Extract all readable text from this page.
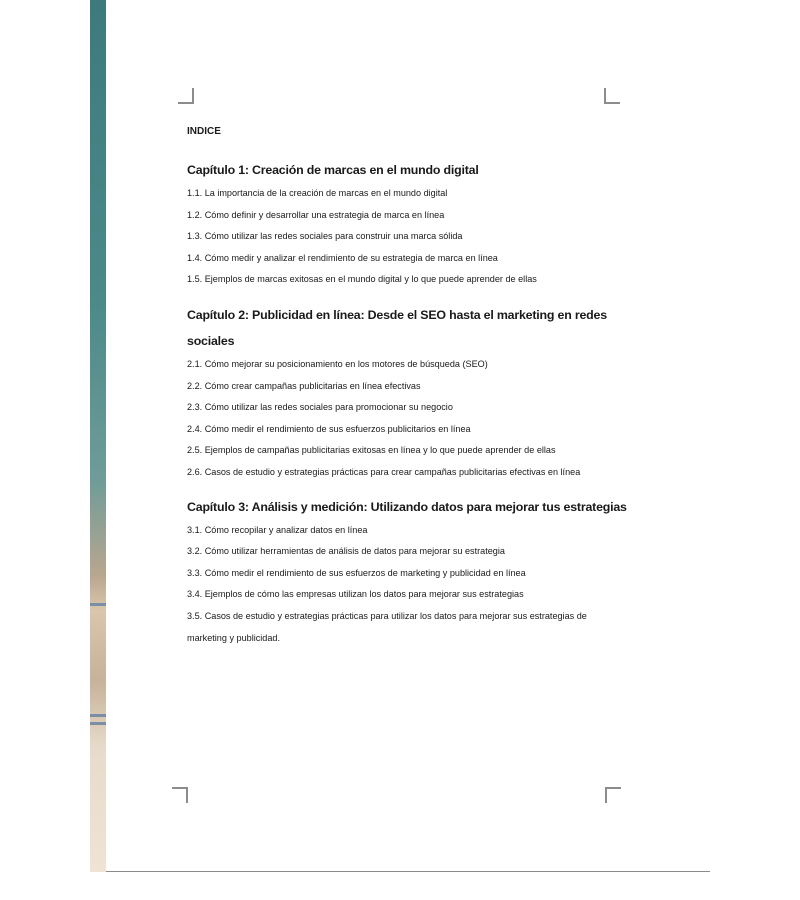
INDICE
Capítulo 1: Creación de marcas en el mundo digital
1.1. La importancia de la creación de marcas en el mundo digital
1.2. Cómo definir y desarrollar una estrategia de marca en línea
1.3. Cómo utilizar las redes sociales para construir una marca sólida
1.4. Cómo medir y analizar el rendimiento de su estrategia de marca en línea
1.5. Ejemplos de marcas exitosas en el mundo digital y lo que puede aprender de ellas
Capítulo 2: Publicidad en línea: Desde el SEO hasta el marketing en redes sociales
2.1. Cómo mejorar su posicionamiento en los motores de búsqueda (SEO)
2.2. Cómo crear campañas publicitarias en línea efectivas
2.3. Cómo utilizar las redes sociales para promocionar su negocio
2.4. Cómo medir el rendimiento de sus esfuerzos publicitarios en línea
2.5. Ejemplos de campañas publicitarias exitosas en línea y lo que puede aprender de ellas
2.6. Casos de estudio y estrategias prácticas para crear campañas publicitarias efectivas en línea
Capítulo 3: Análisis y medición: Utilizando datos para mejorar tus estrategias
3.1. Cómo recopilar y analizar datos en línea
3.2. Cómo utilizar herramientas de análisis de datos para mejorar su estrategia
3.3. Cómo medir el rendimiento de sus esfuerzos de marketing y publicidad en línea
3.4. Ejemplos de cómo las empresas utilizan los datos para mejorar sus estrategias
3.5. Casos de estudio y estrategias prácticas para utilizar los datos para mejorar sus estrategias de marketing y publicidad.
